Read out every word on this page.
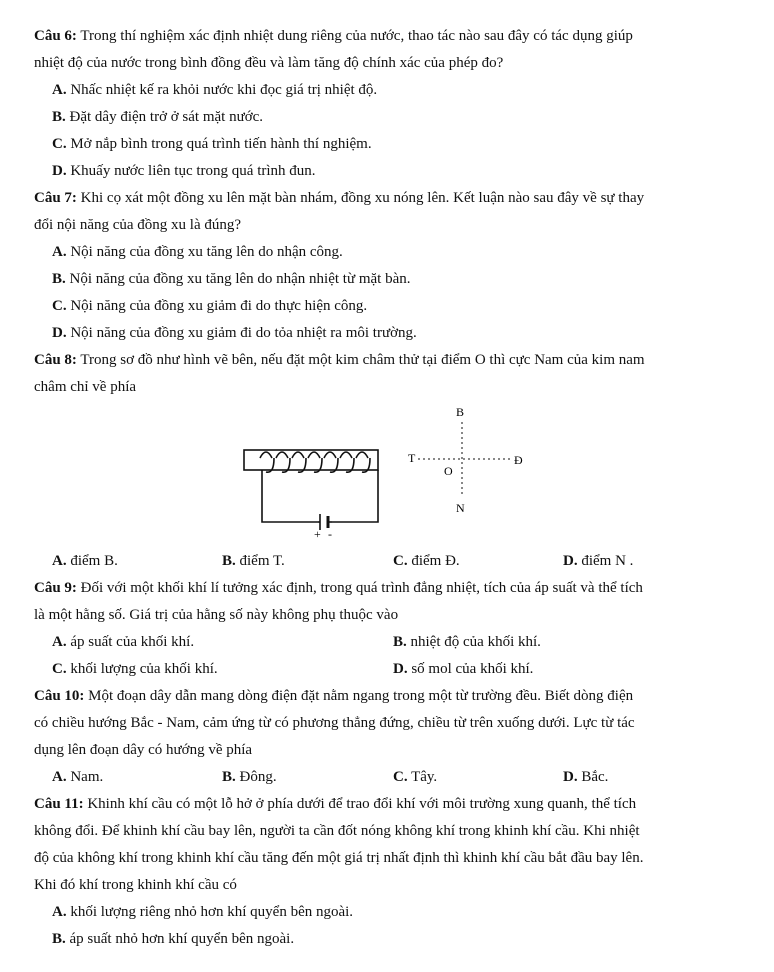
Câu 6: Trong thí nghiệm xác định nhiệt dung riêng của nước, thao tác nào sau đây có tác dụng giúp
nhiệt độ của nước trong bình đồng đều và làm tăng độ chính xác của phép đo?
A. Nhấc nhiệt kế ra khỏi nước khi đọc giá trị nhiệt độ.
B. Đặt dây điện trở ở sát mặt nước.
C. Mở nắp bình trong quá trình tiến hành thí nghiệm.
D. Khuấy nước liên tục trong quá trình đun.
Câu 7: Khi cọ xát một đồng xu lên mặt bàn nhám, đồng xu nóng lên. Kết luận nào sau đây về sự thay
đổi nội năng của đồng xu là đúng?
A. Nội năng của đồng xu tăng lên do nhận công.
B. Nội năng của đồng xu tăng lên do nhận nhiệt từ mặt bàn.
C. Nội năng của đồng xu giảm đi do thực hiện công.
D. Nội năng của đồng xu giảm đi do tỏa nhiệt ra môi trường.
Câu 8: Trong sơ đồ như hình vẽ bên, nếu đặt một kim châm thử tại điểm O thì cực Nam của kim nam
châm chỉ về phía
+ -
B
T
O
Đ
N
A. điểm B.	B. điểm T.	C. điểm Đ.	D. điểm N .
Câu 9: Đối với một khối khí lí tưởng xác định, trong quá trình đẳng nhiệt, tích của áp suất và thể tích
là một hằng số. Giá trị của hằng số này không phụ thuộc vào
A. áp suất của khối khí.	B. nhiệt độ của khối khí.
C. khối lượng của khối khí.	D. số mol của khối khí.
Câu 10: Một đoạn dây dẫn mang dòng điện đặt nằm ngang trong một từ trường đều. Biết dòng điện
có chiều hướng Bắc - Nam, cảm ứng từ có phương thẳng đứng, chiều từ trên xuống dưới. Lực từ tác
dụng lên đoạn dây có hướng về phía
A. Nam.	B. Đông.	C. Tây.	D. Bắc.
Câu 11: Khinh khí cầu có một lỗ hở ở phía dưới để trao đổi khí với môi trường xung quanh, thể tích
không đổi. Để khinh khí cầu bay lên, người ta cần đốt nóng không khí trong khinh khí cầu. Khi nhiệt
độ của không khí trong khinh khí cầu tăng đến một giá trị nhất định thì khinh khí cầu bắt đầu bay lên.
Khi đó khí trong khinh khí cầu có
A. khối lượng riêng nhỏ hơn khí quyển bên ngoài.
B. áp suất nhỏ hơn khí quyển bên ngoài.
